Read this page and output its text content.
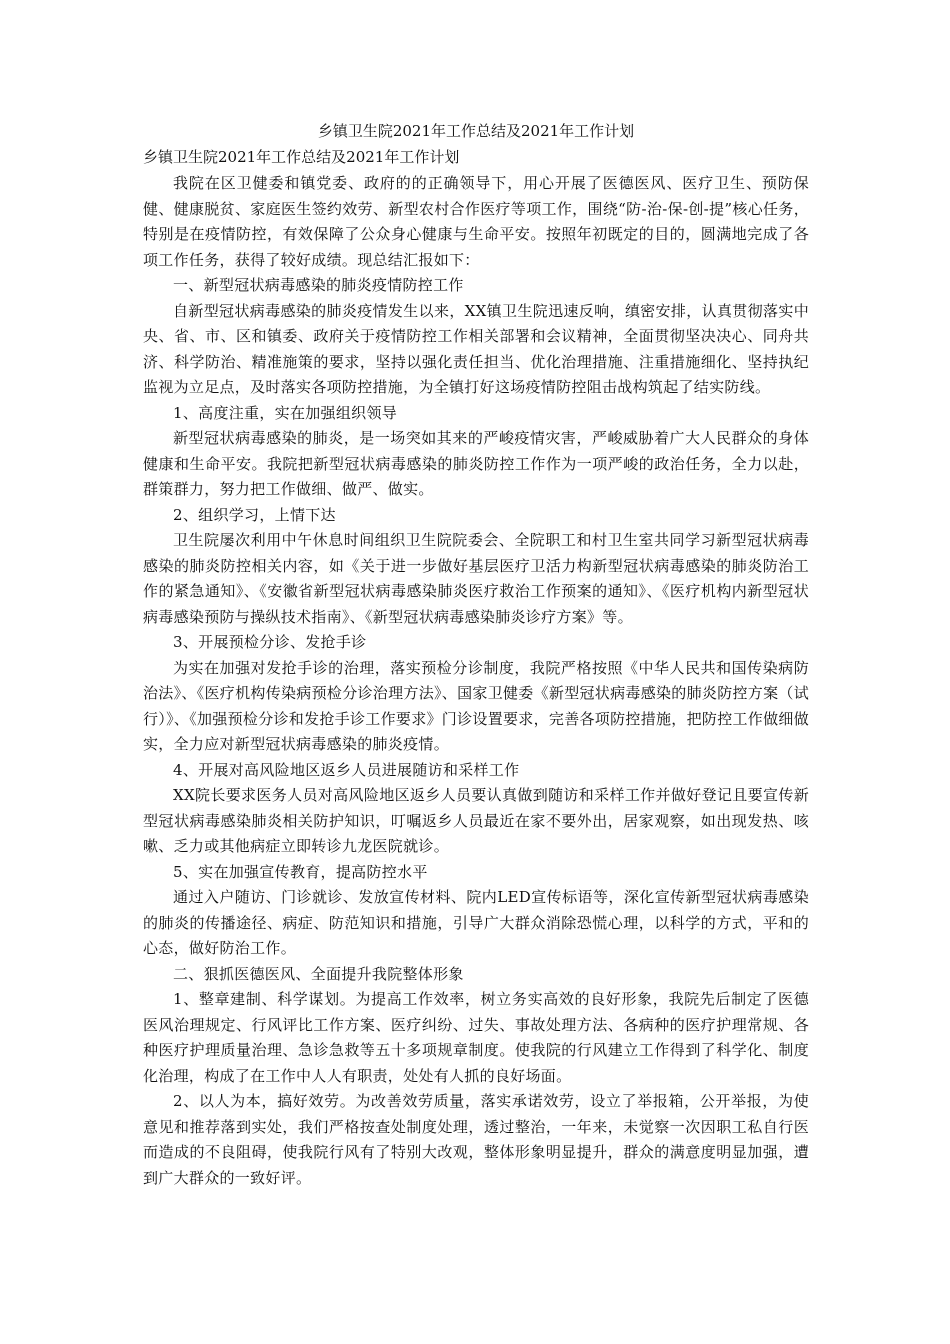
乡镇卫生院2021年工作总结及2021年工作计划
乡镇卫生院2021年工作总结及2021年工作计划

我院在区卫健委和镇党委、政府的的正确领导下，用心开展了医德医风、医疗卫生、预防保健、健康脱贫、家庭医生签约效劳、新型农村合作医疗等项工作，围绕“防-治-保-创-提”核心任务，特别是在疫情防控，有效保障了公众身心健康与生命平安。按照年初既定的目的，圆满地完成了各项工作任务，获得了较好成绩。现总结汇报如下：

一、新型冠状病毒感染的肺炎疫情防控工作

自新型冠状病毒感染的肺炎疫情发生以来，XX镇卫生院迅速反响，缜密安排，认真贯彻落实中央、省、市、区和镇委、政府关于疫情防控工作相关部署和会议精神，全面贯彻坚决决心、同舟共济、科学防治、精准施策的要求，坚持以强化责任担当、优化治理措施、注重措施细化、坚持执纪监视为立足点，及时落实各项防控措施，为全镇打好这场疫情防控阻击战构筑起了结实防线。

1、高度注重，实在加强组织领导

新型冠状病毒感染的肺炎，是一场突如其来的严峻疫情灾害，严峻威胁着广大人民群众的身体健康和生命平安。我院把新型冠状病毒感染的肺炎防控工作作为一项严峻的政治任务，全力以赴，群策群力，努力把工作做细、做严、做实。

2、组织学习，上情下达

卫生院屡次利用中午休息时间组织卫生院院委会、全院职工和村卫生室共同学习新型冠状病毒感染的肺炎防控相关内容，如《关于进一步做好基层医疗卫活力构新型冠状病毒感染的肺炎防治工作的紧急通知》、《安徽省新型冠状病毒感染肺炎医疗救治工作预案的通知》、《医疗机构内新型冠状病毒感染预防与操纵技术指南》、《新型冠状病毒感染肺炎诊疗方案》等。

3、开展预检分诊、发抢手诊

为实在加强对发抢手诊的治理，落实预检分诊制度，我院严格按照《中华人民共和国传染病防治法》、《医疗机构传染病预检分诊治理方法》、国家卫健委《新型冠状病毒感染的肺炎防控方案（试行）》、《加强预检分诊和发抢手诊工作要求》门诊设置要求，完善各项防控措施，把防控工作做细做实，全力应对新型冠状病毒感染的肺炎疫情。

4、开展对高风险地区返乡人员进展随访和采样工作

XX院长要求医务人员对高风险地区返乡人员要认真做到随访和采样工作并做好登记且要宣传新型冠状病毒感染肺炎相关防护知识，叮嘱返乡人员最近在家不要外出，居家观察，如出现发热、咳嗽、乏力或其他病症立即转诊九龙医院就诊。

5、实在加强宣传教育，提高防控水平

通过入户随访、门诊就诊、发放宣传材料、院内LED宣传标语等，深化宣传新型冠状病毒感染的肺炎的传播途径、病症、防范知识和措施，引导广大群众消除恐慌心理，以科学的方式，平和的心态，做好防治工作。

二、狠抓医德医风、全面提升我院整体形象

1、整章建制、科学谋划。为提高工作效率，树立务实高效的良好形象，我院先后制定了医德医风治理规定、行风评比工作方案、医疗纠纷、过失、事故处理方法、各病种的医疗护理常规、各种医疗护理质量治理、急诊急救等五十多项规章制度。使我院的行风建立工作得到了科学化、制度化治理，构成了在工作中人人有职责，处处有人抓的良好场面。

2、以人为本，搞好效劳。为改善效劳质量，落实承诺效劳，设立了举报箱，公开举报，为使意见和推荐落到实处，我们严格按查处制度处理，透过整治，一年来，未觉察一次因职工私自行医而造成的不良阻碍，使我院行风有了特别大改观，整体形象明显提升，群众的满意度明显加强，遭到广大群众的一致好评。
